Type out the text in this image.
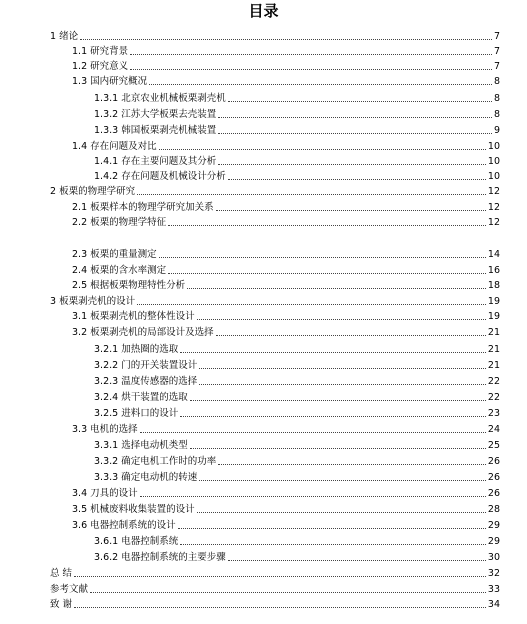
目录
1 绪论	7
1.1 研究背景	7
1.2 研究意义	7
1.3 国内研究概况	8
1.3.1 北京农业机械板栗剥壳机	8
1.3.2 江苏大学板栗去壳装置	8
1.3.3 韩国板栗剥壳机械装置	9
1.4 存在问题及对比	10
1.4.1 存在主要问题及其分析	10
1.4.2 存在问题及机械设计分析	10
2 板栗的物理学研究	12
2.1 板栗样本的物理学研究加关系	12
2.2 板栗的物理学特征	12
2.3 板栗的重量测定	14
2.4 板栗的含水率测定	16
2.5 根据板栗物理特性分析	18
3 板栗剥壳机的设计	19
3.1 板栗剥壳机的整体性设计	19
3.2 板栗剥壳机的局部设计及选择	21
3.2.1 加热圈的选取	21
3.2.2 门的开关装置设计	21
3.2.3 温度传感器的选择	22
3.2.4 烘干装置的选取	22
3.2.5 进料口的设计	23
3.3 电机的选择	24
3.3.1 选择电动机类型	25
3.3.2 确定电机工作时的功率	26
3.3.3 确定电动机的转速	26
3.4 刀具的设计	26
3.5 机械废料收集装置的设计	28
3.6 电器控制系统的设计	29
3.6.1 电器控制系统	29
3.6.2 电器控制系统的主要步骤	30
总 结	32
参考文献	33
致 谢	34
